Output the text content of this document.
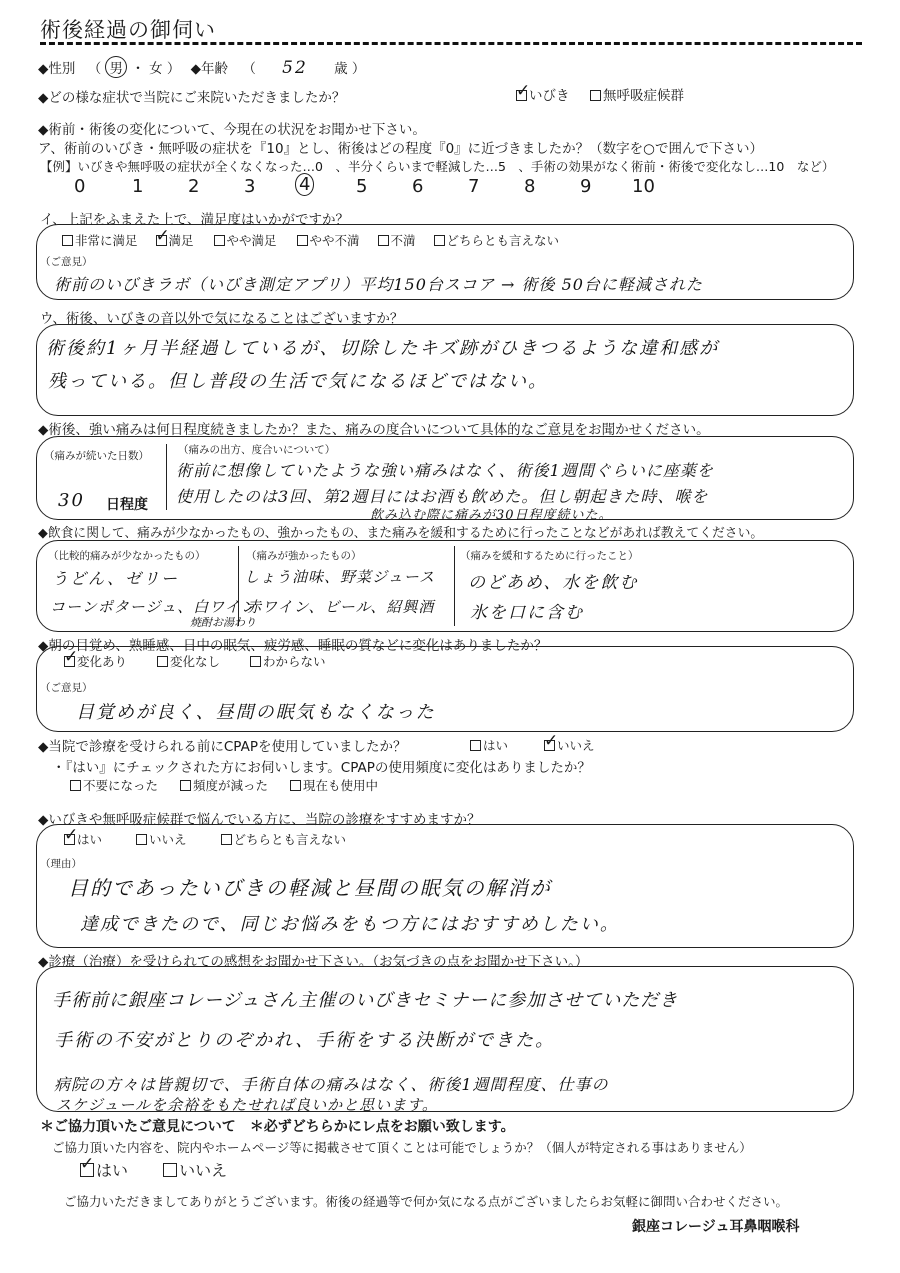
術後経過の御伺い
◆性別 （ 男 ・ 女 ） ◆年齢 （ 52 歳 ）
◆どの様な症状で当院にご来院いただきましたか？ ✓	いびき	無呼吸症候群
◆術前・術後の変化について、今現在の状況をお聞かせ下さい。
ア、術前のいびき・無呼吸の症状を『10』とし、術後はどの程度『0』に近づきましたか？（数字を○で囲んで下さい）
【例】いびきや無呼吸の症状が全くなくなった…0　、半分くらいまで軽減した…5　、手術の効果がなく術前・術後で変化なし…10　など）
0	1 2 3 4	5 6 7 8 9 10
イ、上記をふまえた上で、満足度はいかがですか？
非常に満足 ✓ 満足	やや満足	やや不満 不満 どちらとも言えない
（ご意見）
術前のいびきラボ（いびき測定アプリ）平均150台スコア → 術後 50台に軽減された
ウ、術後、いびきの音以外で気になることはございますか？
術後約1ヶ月半経過しているが、切除したキズ跡がひきつるような違和感が
残っている。但し普段の生活で気になるほどではない。
◆術後、強い痛みは何日程度続きましたか？また、痛みの度合いについて具体的なご意見をお聞かせください。
（痛みが続いた日数）
30 日程度
（痛みの出方、度合いについて）
術前に想像していたような強い痛みはなく、術後1週間ぐらいに座薬を
使用したのは3回、第2週目にはお酒も飲めた。但し朝起きた時、喉を
飲み込む際に痛みが30日程度続いた。
◆飲食に関して、痛みが少なかったもの、強かったもの、また痛みを緩和するために行ったことなどがあれば教えてください。
（比較的痛みが少なかったもの）
うどん、ゼリー
コーンポタージュ、白ワイン
焼酎お湯わり
（痛みが強かったもの）
しょう油味、野菜ジュース
赤ワイン、ビール、紹興酒
（痛みを緩和するために行ったこと）
のどあめ、水を飲む
氷を口に含む
◆朝の目覚め、熟睡感、日中の眠気、疲労感、睡眠の質などに変化はありましたか？
✓変化あり	変化なし	わからない
（ご意見）
目覚めが良く、昼間の眠気もなくなった
◆当院で診療を受けられる前にCPAPを使用していましたか？	はい ✓	いいえ
・『はい』にチェックされた方にお伺いします。CPAPの使用頻度に変化はありましたか？
不要になった	頻度が減った	現在も使用中
◆いびきや無呼吸症候群で悩んでいる方に、当院の診療をすすめますか？
✓はい	いいえ	どちらとも言えない
（理由）
目的であったいびきの軽減と昼間の眠気の解消が
達成できたので、同じお悩みをもつ方にはおすすめしたい。
◆診療（治療）を受けられての感想をお聞かせ下さい。（お気づきの点をお聞かせ下さい。）
手術前に銀座コレージュさん主催のいびきセミナーに参加させていただき
手術の不安がとりのぞかれ、手術をする決断ができた。
病院の方々は皆親切で、手術自体の痛みはなく、術後1週間程度、仕事の
スケジュールを余裕をもたせれば良いかと思います。
＊ご協力頂いたご意見について　＊必ずどちらかにレ点をお願い致します。
ご協力頂いた内容を、院内やホームページ等に掲載させて頂くことは可能でしょうか？（個人が特定される事はありません）
✓はい	いいえ
ご協力いただきましてありがとうございます。術後の経過等で何か気になる点がございましたらお気軽に御問い合わせください。
銀座コレージュ耳鼻咽喉科
